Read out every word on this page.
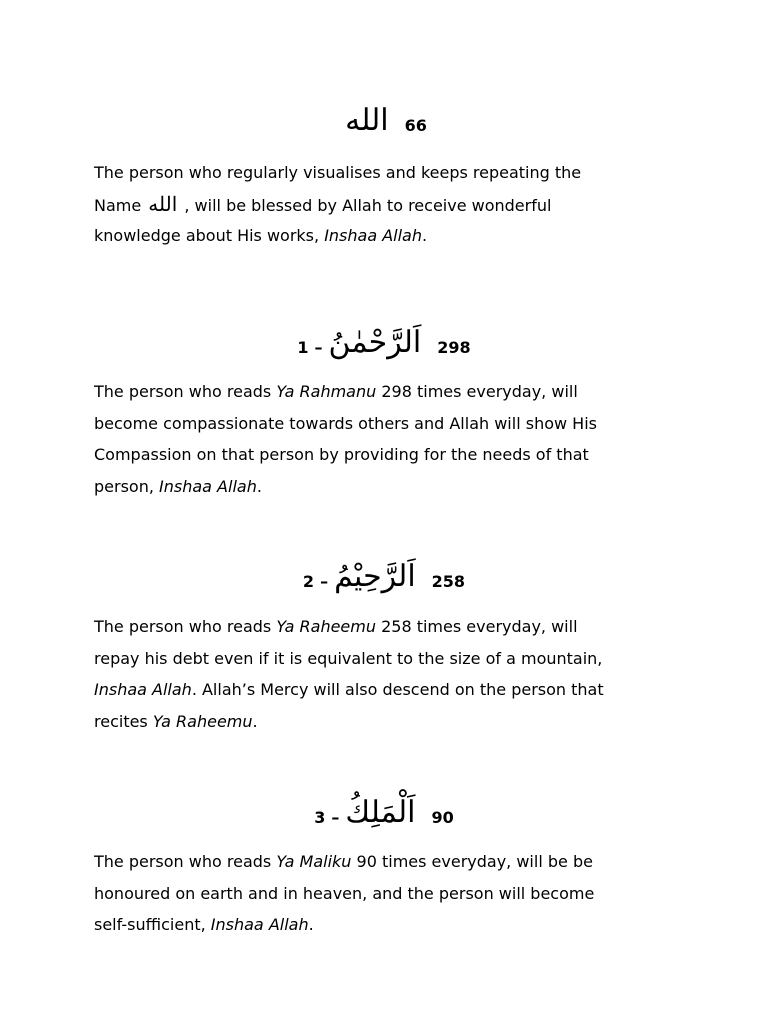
الله 66
The person who regularly visualises and keeps repeating the
Name الله , will be blessed by Allah to receive wonderful
knowledge about His works, Inshaa Allah.
1 – اَلرَّحْمٰنُ 298
The person who reads Ya Rahmanu 298 times everyday, will
become compassionate towards others and Allah will show His
Compassion on that person by providing for the needs of that
person, Inshaa Allah.
2 – اَلرَّحِيْمُ 258
The person who reads Ya Raheemu 258 times everyday, will
repay his debt even if it is equivalent to the size of a mountain,
Inshaa Allah. Allah’s Mercy will also descend on the person that
recites Ya Raheemu.
3 – اَلْمَلِكُ 90
The person who reads Ya Maliku 90 times everyday, will be be
honoured on earth and in heaven, and the person will become
self-sufficient, Inshaa Allah.
